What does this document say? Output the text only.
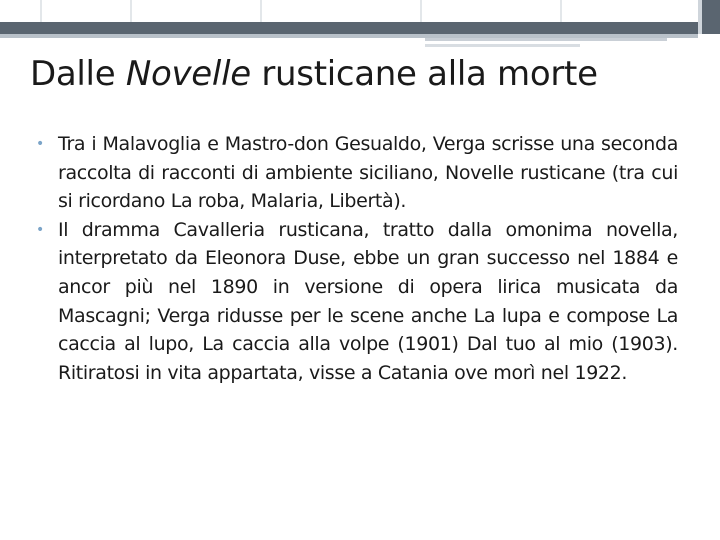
Dalle Novelle rusticane alla morte
• Tra i Malavoglia e Mastro-don Gesualdo, Verga scrisse una seconda raccolta di racconti di ambiente siciliano, Novelle rusticane (tra cui si ricordano La roba, Malaria, Libertà).
• Il dramma Cavalleria rusticana, tratto dalla omonima novella, interpretato da Eleonora Duse, ebbe un gran successo nel 1884 e ancor più nel 1890 in versione di opera lirica musicata da Mascagni; Verga ridusse per le scene anche La lupa e compose La caccia al lupo, La caccia alla volpe (1901) Dal tuo al mio (1903). Ritiratosi in vita appartata, visse a Catania ove morì nel 1922.
